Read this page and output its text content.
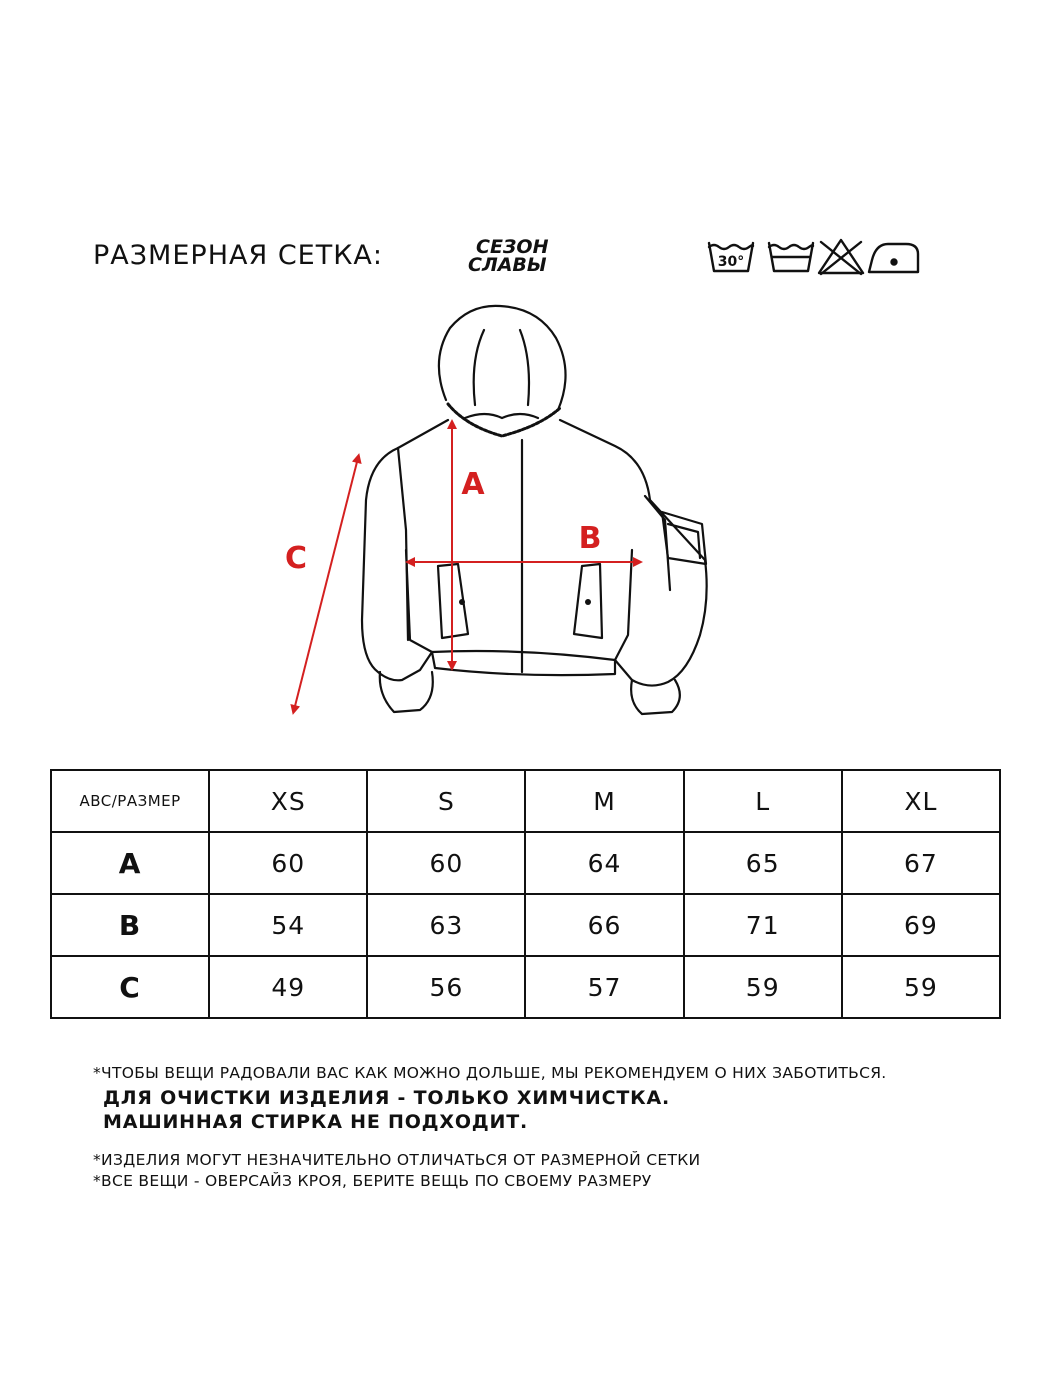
РАЗМЕРНАЯ СЕТКА:	СЕЗОН
СЛАВЫ	30°
A
B
C
ABC/РАЗМЕР	XS	S	M	L	XL
A	60	60	64	65	67
B	54	63	66	71	69
C	49	56	57	59	59
*ЧТОБЫ ВЕЩИ РАДОВАЛИ ВАС КАК МОЖНО ДОЛЬШЕ, МЫ РЕКОМЕНДУЕМ О НИХ ЗАБОТИТЬСЯ.
ДЛЯ ОЧИСТКИ ИЗДЕЛИЯ - ТОЛЬКО ХИМЧИСТКА.
МАШИННАЯ СТИРКА НЕ ПОДХОДИТ.
*ИЗДЕЛИЯ МОГУТ НЕЗНАЧИТЕЛЬНО ОТЛИЧАТЬСЯ ОТ РАЗМЕРНОЙ СЕТКИ
*ВСЕ ВЕЩИ - ОВЕРСАЙЗ КРОЯ, БЕРИТЕ ВЕЩЬ ПО СВОЕМУ РАЗМЕРУ
